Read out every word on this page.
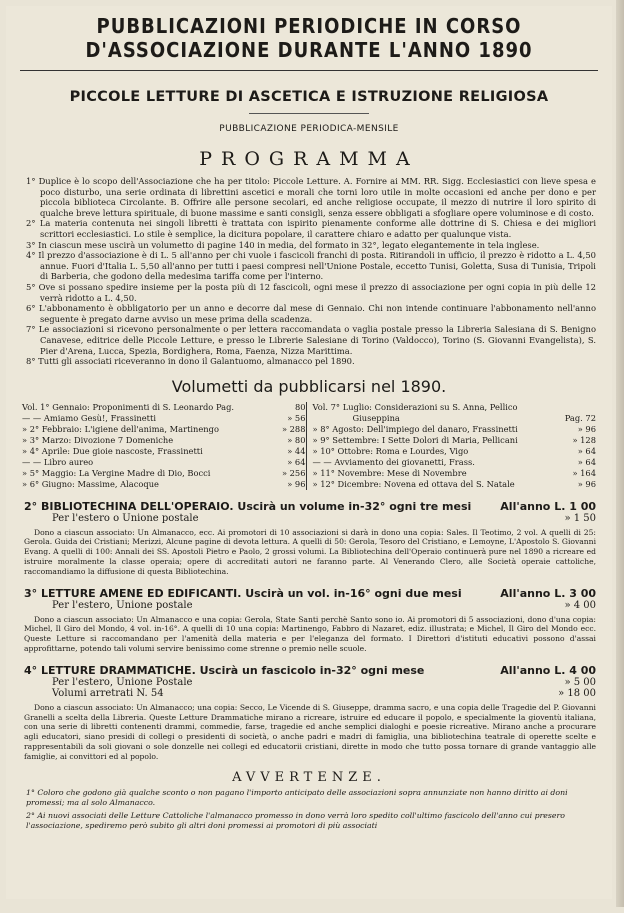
PUBBLICAZIONI PERIODICHE IN CORSO D'ASSOCIAZIONE DURANTE L'ANNO 1890
PICCOLE LETTURE DI ASCETICA E ISTRUZIONE RELIGIOSA
PUBBLICAZIONE PERIODICA-MENSILE
PROGRAMMA

1° Duplice è lo scopo dell'Associazione che ha per titolo: Piccole Letture. A. Fornire ai MM. RR. Sigg. Ecclesiastici con lieve spesa e poco disturbo, una serie ordinata di librettini ascetici e morali che torni loro utile in molte occasioni ed anche per dono e per piccola biblioteca Circolante. B. Offrire alle persone secolari, ed anche religiose occupate, il mezzo di nutrire il loro spirito di qualche breve lettura spirituale, di buone massime e santi consigli, senza essere obbligati a sfogliare opere voluminose e di costo.

2° La materia contenuta nei singoli libretti è trattata con ispirito pienamente conforme alle dottrine di S. Chiesa e dei migliori scrittori ecclesiastici. Lo stile è semplice, la dicitura popolare, il carattere chiaro e adatto per qualunque vista.

3° In ciascun mese uscirà un volumetto di pagine 140 in media, del formato in 32°, legato elegantemente in tela inglese.

4° Il prezzo d'associazione è di L. 5 all'anno per chi vuole i fascicoli franchi di posta. Ritirandoli in ufficio, il prezzo è ridotto a L. 4,50 annue. Fuori d'Italia L. 5,50 all'anno per tutti i paesi compresi nell'Unione Postale, eccetto Tunisi, Goletta, Susa di Tunisia, Tripoli di Barberia, che godono della medesima tariffa come per l'interno.

5° Ove si possano spedire insieme per la posta più di 12 fascicoli, ogni mese il prezzo di associazione per ogni copia in più delle 12 verrà ridotto a L. 4,50.

6° L'abbonamento è obbligatorio per un anno e decorre dal mese di Gennaio. Chi non intende continuare l'abbonamento nell'anno seguente è pregato darne avviso un mese prima della scadenza.

7° Le associazioni si ricevono personalmente o per lettera raccomandata o vaglia postale presso la Libreria Salesiana di S. Benigno Canavese, editrice delle Piccole Letture, e presso le Librerie Salesiane di Torino (Valdocco), Torino (S. Giovanni Evangelista), S. Pier d'Arena, Lucca, Spezia, Bordighera, Roma, Faenza, Nizza Marittima.

8° Tutti gli associati riceveranno in dono il Galantuomo, almanacco pel 1890.

Volumetti da pubblicarsi nel 1890.
Vol. 1° Gennaio: Proponimenti di S. Leonardo Pag.	80
— — Amiamo Gesù!, Frassinetti	» 56
» 2° Febbraio: L'igiene dell'anima, Martinengo	» 288
» 3° Marzo: Divozione 7 Domeniche	» 80
» 4° Aprile: Due gioie nascoste, Frassinetti	» 44
— — Libro aureo	» 64
» 5° Maggio: La Vergine Madre di Dio, Bocci	» 256
» 6° Giugno: Massime, Alacoque	» 96
Vol. 7° Luglio: Considerazioni su S. Anna, Pellico
Giuseppina	Pag. 72
» 8° Agosto: Dell'impiego del danaro, Frassinetti	» 96
» 9° Settembre: I Sette Dolori di Maria, Pellicani	» 128
» 10° Ottobre: Roma e Lourdes, Vigo	» 64
— — Avviamento dei giovanetti, Frass.	» 64
» 11° Novembre: Mese di Novembre	» 164
» 12° Dicembre: Novena ed ottava del S. Natale	» 96
2° BIBLIOTECHINA DELL'OPERAIO. Uscirà un volume in-32° ogni tre mesi	All'anno L. 1 00
Per l'estero o Unione postale	» 1 50
Dono a ciascun associato: Un Almanacco, ecc. Ai promotori di 10 associazioni si darà in dono una copia: Sales. Il Teotimo, 2 vol. A quelli di 25: Gerola. Guida dei Cristiani; Merizzi, Alcune pagine di devota lettura. A quelli di 50: Gerola, Tesoro del Cristiano, e Lemoyne, L'Apostolo S. Giovanni Evang. A quelli di 100: Annali dei SS. Apostoli Pietro e Paolo, 2 grossi volumi. La Bibliotechina dell'Operaio continuerà pure nel 1890 a ricreare ed istruire moralmente la classe operaia; opere di accreditati autori ne faranno parte. Al Venerando Clero, alle Società operaie cattoliche, raccomandiamo la diffusione di questa Bibliotechina.
3° LETTURE AMENE ED EDIFICANTI. Uscirà un vol. in-16° ogni due mesi	All'anno L. 3 00
Per l'estero, Unione postale	» 4 00
Dono a ciascun associato: Un Almanacco e una copia: Gerola, State Santi perchè Santo sono io. Ai promotori di 5 associazioni, dono d'una copia: Michel, Il Giro del Mondo, 4 vol. in-16°. A quelli di 10 una copia: Martinengo, Fabbro di Nazaret, ediz. illustrata; e Michel, Il Giro del Mondo ecc. Queste Letture si raccomandano per l'amenità della materia e per l'eleganza del formato. I Direttori d'istituti educativi possono d'assai approfittarne, potendo tali volumi servire benissimo come strenne o premio nelle scuole.
4° LETTURE DRAMMATICHE. Uscirà un fascicolo in-32° ogni mese	All'anno L. 4 00
Per l'estero, Unione Postale	» 5 00
Volumi arretrati N. 54	» 18 00
Dono a ciascun associato: Un Almanacco; una copia: Secco, Le Vicende di S. Giuseppe, dramma sacro, e una copia delle Tragedie del P. Giovanni Granelli a scelta della Libreria. Queste Letture Drammatiche mirano a ricreare, istruire ed educare il popolo, e specialmente la gioventù italiana, con una serie di libretti contenenti drammi, commedie, farse, tragedie ed anche semplici dialoghi e poesie ricreative. Mirano anche a procurare agli educatori, siano presidi di collegi o presidenti di società, o anche padri e madri di famiglia, una bibliotechina teatrale di operette scelte e rappresentabili da soli giovani o sole donzelle nei collegi ed educatorii cristiani, dirette in modo che tutto possa tornare di grande vantaggio alle famiglie, ai convittori ed al popolo.
AVVERTENZE.
1° Coloro che godono già qualche sconto o non pagano l'importo anticipato delle associazioni sopra annunziate non hanno diritto ai doni promessi; ma al solo Almanacco.
2° Ai nuovi associati delle Letture Cattoliche l'almanacco promesso in dono verrà loro spedito coll'ultimo fascicolo dell'anno cui presero l'associazione, spediremo però subito gli altri doni promessi ai promotori di più associati
